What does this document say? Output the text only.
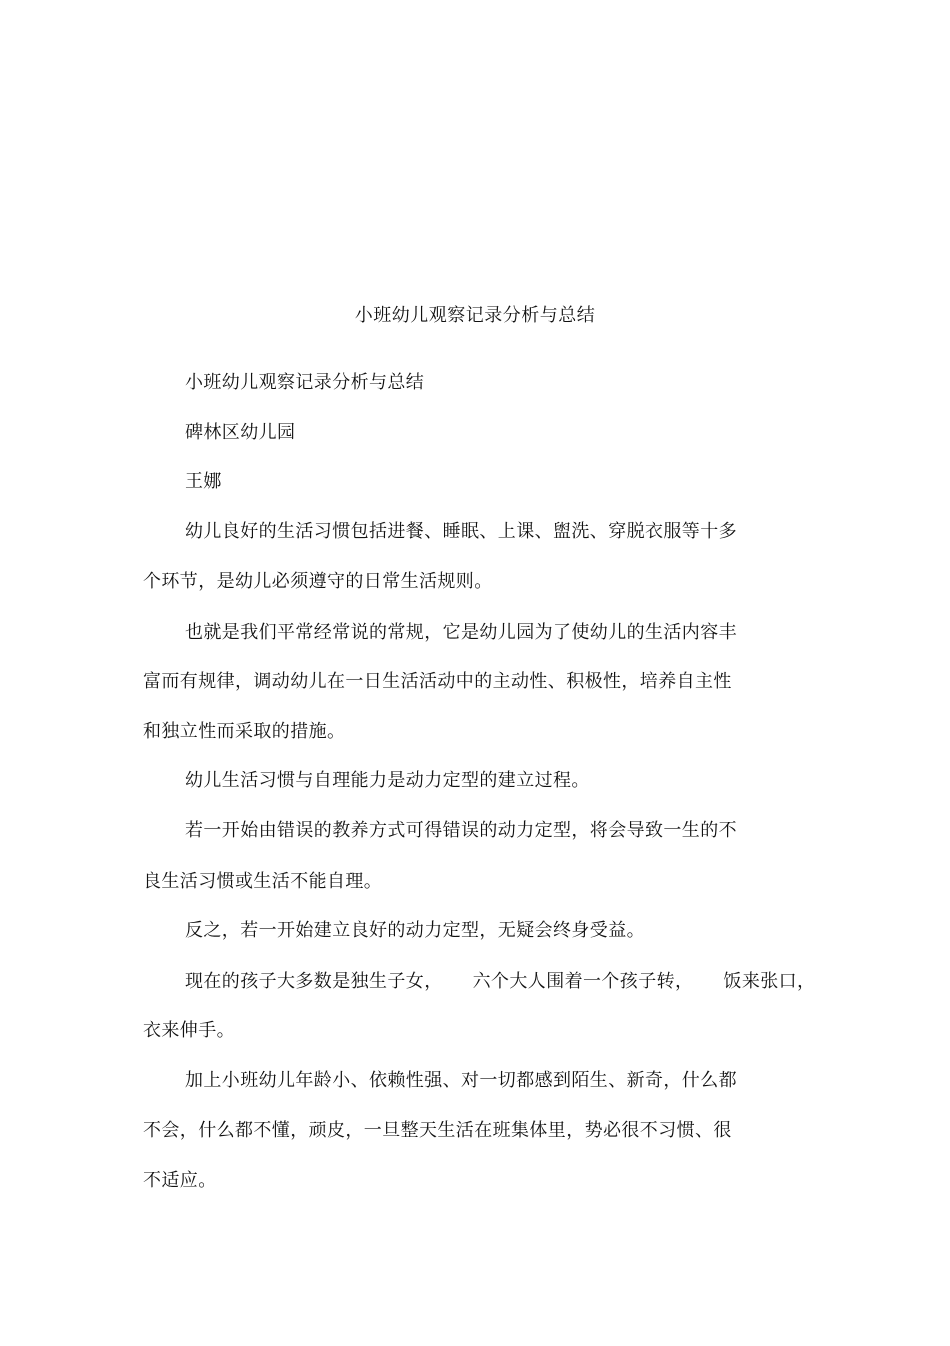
小班幼儿观察记录分析与总结
小班幼儿观察记录分析与总结
碑林区幼儿园
王娜
幼儿良好的生活习惯包括进餐、睡眠、上课、盥洗、穿脱衣服等十多
个环节，是幼儿必须遵守的日常生活规则。
也就是我们平常经常说的常规，它是幼儿园为了使幼儿的生活内容丰
富而有规律，调动幼儿在一日生活活动中的主动性、积极性，培养自主性
和独立性而采取的措施。
幼儿生活习惯与自理能力是动力定型的建立过程。
若一开始由错误的教养方式可得错误的动力定型，将会导致一生的不
良生活习惯或生活不能自理。
反之，若一开始建立良好的动力定型，无疑会终身受益。
现在的孩子大多数是独生子女， 六个大人围着一个孩子转， 饭来张口，
衣来伸手。
加上小班幼儿年龄小、依赖性强、对一切都感到陌生、新奇，什么都
不会，什么都不懂，顽皮，一旦整天生活在班集体里，势必很不习惯、很
不适应。
